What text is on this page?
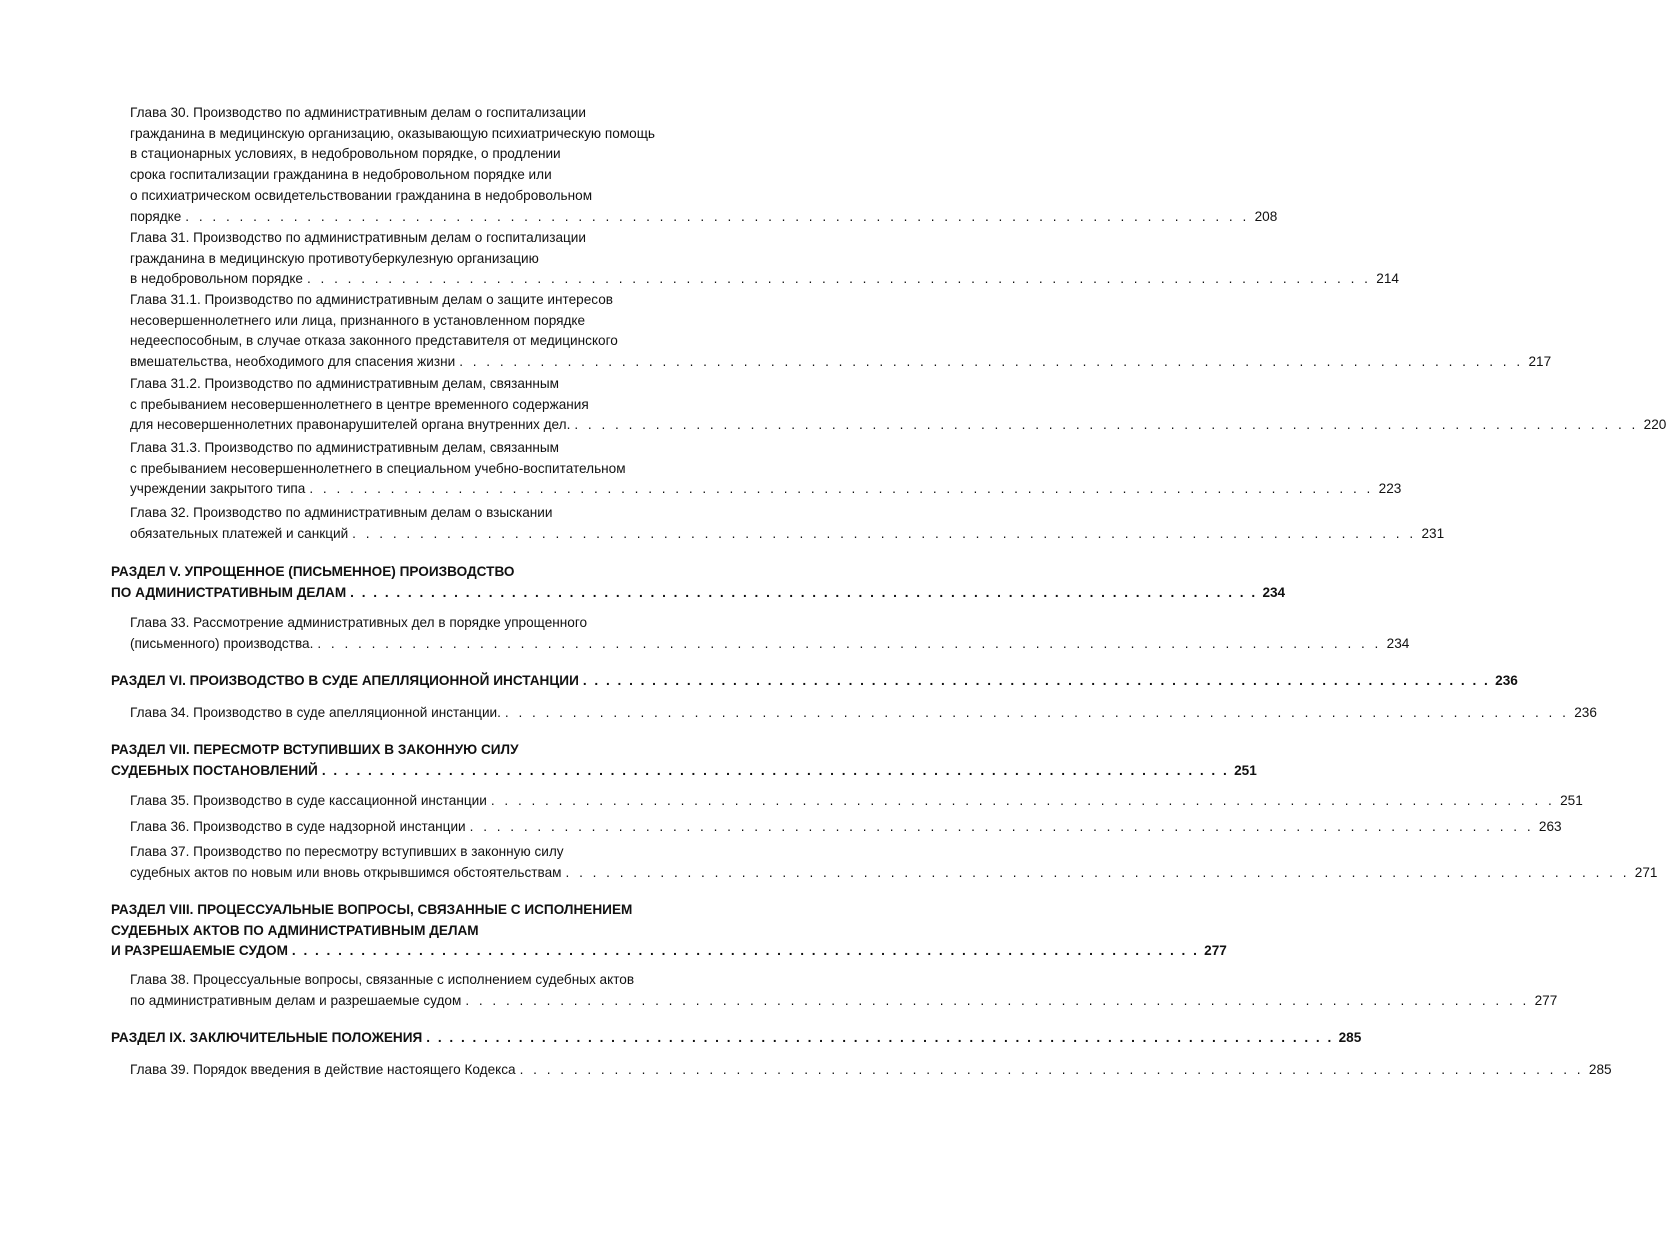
Глава 30. Производство по административным делам о госпитализации
гражданина в медицинскую организацию, оказывающую психиатрическую помощь
в стационарных условиях, в недобровольном порядке, о продлении
срока госпитализации гражданина в недобровольном порядке или
о психиатрическом освидетельствовании гражданина в недобровольном
порядке . . . . . . . . . . . . . . . . . . . . . . . . . . . . . . . . . . . . . . . . . . . . . . . . . . . . . . . . . . . . . . . . . . . . . . . . . . . . . . . 208
Глава 31. Производство по административным делам о госпитализации
гражданина в медицинскую противотуберкулезную организацию
в недобровольном порядке . . . . . . . . . . . . . . . . . . . . . . . . . . . . . . . . . . . . . . . . . . . . . . . . . . . . . . . . . . . . . . . . . . . . . . . . . . . . . . . 214
Глава 31.1. Производство по административным делам о защите интересов
несовершеннолетнего или лица, признанного в установленном порядке
недееспособным, в случае отказа законного представителя от медицинского
вмешательства, необходимого для спасения жизни . . . . . . . . . . . . . . . . . . . . . . . . . . . . . . . . . . . . . . . . . . . . . . . . . . . . . . . . . . . . . . . . . . . . . . . . . . . . . . . 217
Глава 31.2. Производство по административным делам, связанным
с пребыванием несовершеннолетнего в центре временного содержания
для несовершеннолетних правонарушителей органа внутренних дел. . . . . . . . . . . . . . . . . . . . . . . . . . . . . . . . . . . . . . . . . . . . . . . . . . . . . . . . . . . . . . . . . . . . . . . . . . . . . . . . 220
Глава 31.3. Производство по административным делам, связанным
с пребыванием несовершеннолетнего в специальном учебно-воспитательном
учреждении закрытого типа . . . . . . . . . . . . . . . . . . . . . . . . . . . . . . . . . . . . . . . . . . . . . . . . . . . . . . . . . . . . . . . . . . . . . . . . . . . . . . . 223
Глава 32. Производство по административным делам о взыскании
обязательных платежей и санкций . . . . . . . . . . . . . . . . . . . . . . . . . . . . . . . . . . . . . . . . . . . . . . . . . . . . . . . . . . . . . . . . . . . . . . . . . . . . . . . 231
РАЗДЕЛ V. УПРОЩЕННОЕ (ПИСЬМЕННОЕ) ПРОИЗВОДСТВО
ПО АДМИНИСТРАТИВНЫМ ДЕЛАМ . . . . . . . . . . . . . . . . . . . . . . . . . . . . . . . . . . . . . . . . . . . . . . . . . . . . . . . . . . . . . . . . . . . . . . . . . . . . . . . 234
Глава 33. Рассмотрение административных дел в порядке упрощенного
(письменного) производства. . . . . . . . . . . . . . . . . . . . . . . . . . . . . . . . . . . . . . . . . . . . . . . . . . . . . . . . . . . . . . . . . . . . . . . . . . . . . . . . 234
РАЗДЕЛ VI. ПРОИЗВОДСТВО В СУДЕ АПЕЛЛЯЦИОННОЙ ИНСТАНЦИИ . . . . . . . . . . . . . . . . . . . . . . . . . . . . . . . . . . . . . . . . . . . . . . . . . . . . . . . . . . . . . . . . . . . . . . . . . . . . . . . 236
Глава 34. Производство в суде апелляционной инстанции. . . . . . . . . . . . . . . . . . . . . . . . . . . . . . . . . . . . . . . . . . . . . . . . . . . . . . . . . . . . . . . . . . . . . . . . . . . . . . . . 236
РАЗДЕЛ VII. ПЕРЕСМОТР ВСТУПИВШИХ В ЗАКОННУЮ СИЛУ
СУДЕБНЫХ ПОСТАНОВЛЕНИЙ . . . . . . . . . . . . . . . . . . . . . . . . . . . . . . . . . . . . . . . . . . . . . . . . . . . . . . . . . . . . . . . . . . . . . . . . . . . . . . . 251
Глава 35. Производство в суде кассационной инстанции . . . . . . . . . . . . . . . . . . . . . . . . . . . . . . . . . . . . . . . . . . . . . . . . . . . . . . . . . . . . . . . . . . . . . . . . . . . . . . . 251
Глава 36. Производство в суде надзорной инстанции . . . . . . . . . . . . . . . . . . . . . . . . . . . . . . . . . . . . . . . . . . . . . . . . . . . . . . . . . . . . . . . . . . . . . . . . . . . . . . . 263
Глава 37. Производство по пересмотру вступивших в законную силу
судебных актов по новым или вновь открывшимся обстоятельствам . . . . . . . . . . . . . . . . . . . . . . . . . . . . . . . . . . . . . . . . . . . . . . . . . . . . . . . . . . . . . . . . . . . . . . . . . . . . . . . 271
РАЗДЕЛ VIII. ПРОЦЕССУАЛЬНЫЕ ВОПРОСЫ, СВЯЗАННЫЕ С ИСПОЛНЕНИЕМ
СУДЕБНЫХ АКТОВ ПО АДМИНИСТРАТИВНЫМ ДЕЛАМ
И РАЗРЕШАЕМЫЕ СУДОМ . . . . . . . . . . . . . . . . . . . . . . . . . . . . . . . . . . . . . . . . . . . . . . . . . . . . . . . . . . . . . . . . . . . . . . . . . . . . . . . 277
Глава 38. Процессуальные вопросы, связанные с исполнением судебных актов
по административным делам и разрешаемые судом . . . . . . . . . . . . . . . . . . . . . . . . . . . . . . . . . . . . . . . . . . . . . . . . . . . . . . . . . . . . . . . . . . . . . . . . . . . . . . . 277
РАЗДЕЛ IX. ЗАКЛЮЧИТЕЛЬНЫЕ ПОЛОЖЕНИЯ . . . . . . . . . . . . . . . . . . . . . . . . . . . . . . . . . . . . . . . . . . . . . . . . . . . . . . . . . . . . . . . . . . . . . . . . . . . . . . . 285
Глава 39. Порядок введения в действие настоящего Кодекса . . . . . . . . . . . . . . . . . . . . . . . . . . . . . . . . . . . . . . . . . . . . . . . . . . . . . . . . . . . . . . . . . . . . . . . . . . . . . . . 285
